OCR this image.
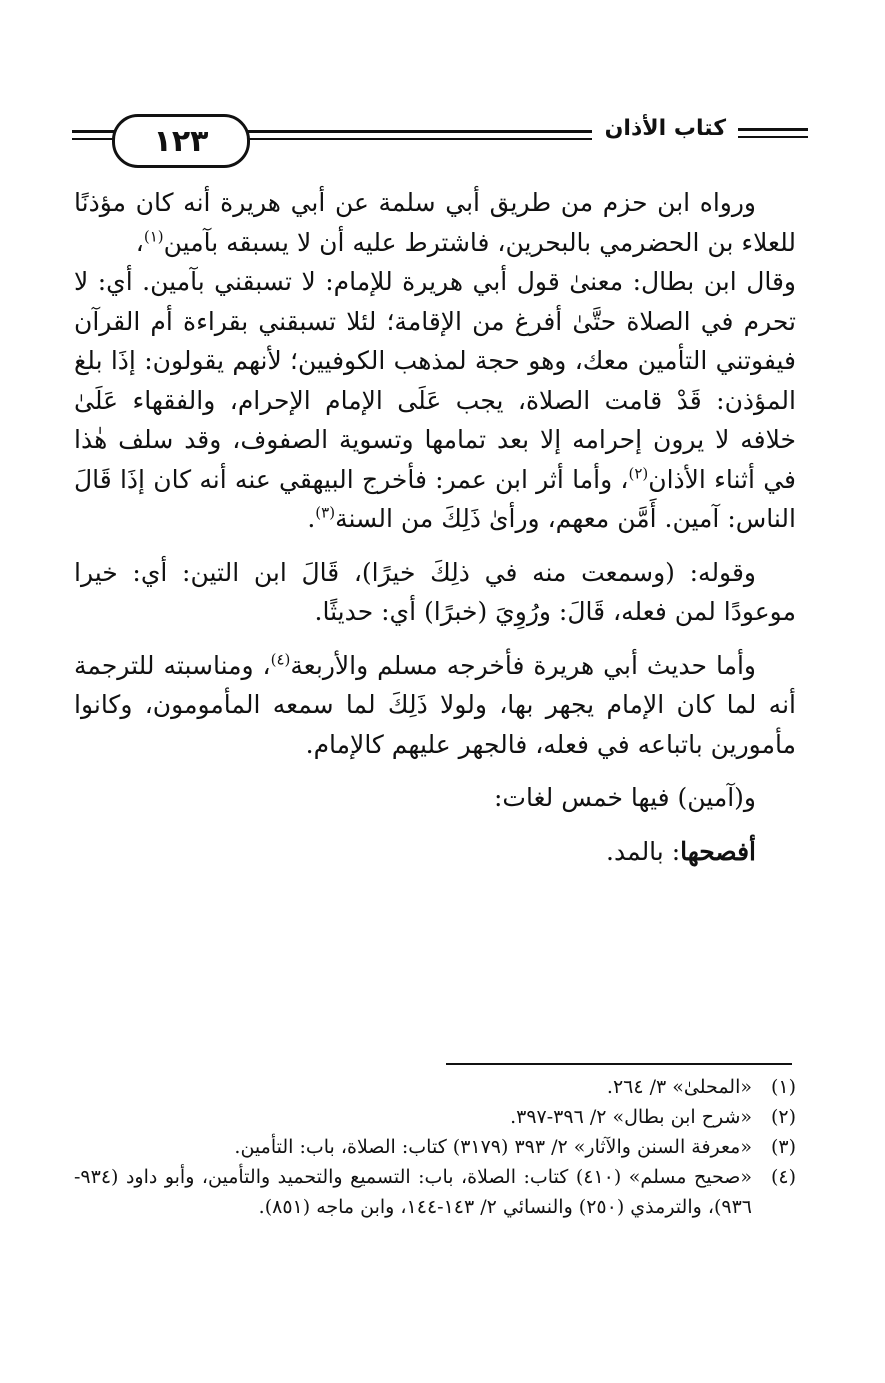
كتاب الأذان
١٢٣

ورواه ابن حزم من طريق أبي سلمة عن أبي هريرة أنه كان مؤذنًا للعلاء بن الحضرمي بالبحرين، فاشترط عليه أن لا يسبقه بآمين$^{(١)}$،

وقال ابن بطال: معنىٰ قول أبي هريرة للإمام: لا تسبقني بآمين. أي: لا تحرم في الصلاة حتَّىٰ أفرغ من الإقامة؛ لئلا تسبقني بقراءة أم القرآن فيفوتني التأمين معك، وهو حجة لمذهب الكوفيين؛ لأنهم يقولون: إذَا بلغ المؤذن: قَدْ قامت الصلاة، يجب عَلَى الإمام الإحرام، والفقهاء عَلَىٰ خلافه لا يرون إحرامه إلا بعد تمامها وتسوية الصفوف، وقد سلف هٰذا في أثناء الأذان$^{(٢)}$، وأما أثر ابن عمر: فأخرج البيهقي عنه أنه كان إذَا قَالَ الناس: آمين. أَمَّن معهم، ورأىٰ ذَلِكَ من السنة$^{(٣)}$.

وقوله: (وسمعت منه في ذلِكَ خيرًا)، قَالَ ابن التين: أي: خيرا موعودًا لمن فعله، قَالَ: ورُوِيَ (خبرًا) أي: حديثًا.

وأما حديث أبي هريرة فأخرجه مسلم والأربعة$^{(٤)}$، ومناسبته للترجمة أنه لما كان الإمام يجهر بها، ولولا ذَلِكَ لما سمعه المأمومون، وكانوا مأمورين باتباعه في فعله، فالجهر عليهم كالإمام.

و(آمين) فيها خمس لغات:

أفصحها: بالمد.

(١)
«المحلىٰ» ٣/ ٢٦٤.
(٢)
«شرح ابن بطال» ٢/ ٣٩٦-٣٩٧.
(٣)
«معرفة السنن والآثار» ٢/ ٣٩٣ (٣١٧٩) كتاب: الصلاة، باب: التأمين.
(٤)
«صحيح مسلم» (٤١٠) كتاب: الصلاة، باب: التسميع والتحميد والتأمين، وأبو داود (٩٣٤- ٩٣٦)، والترمذي (٢٥٠) والنسائي ٢/ ١٤٣-١٤٤، وابن ماجه (٨٥١).
